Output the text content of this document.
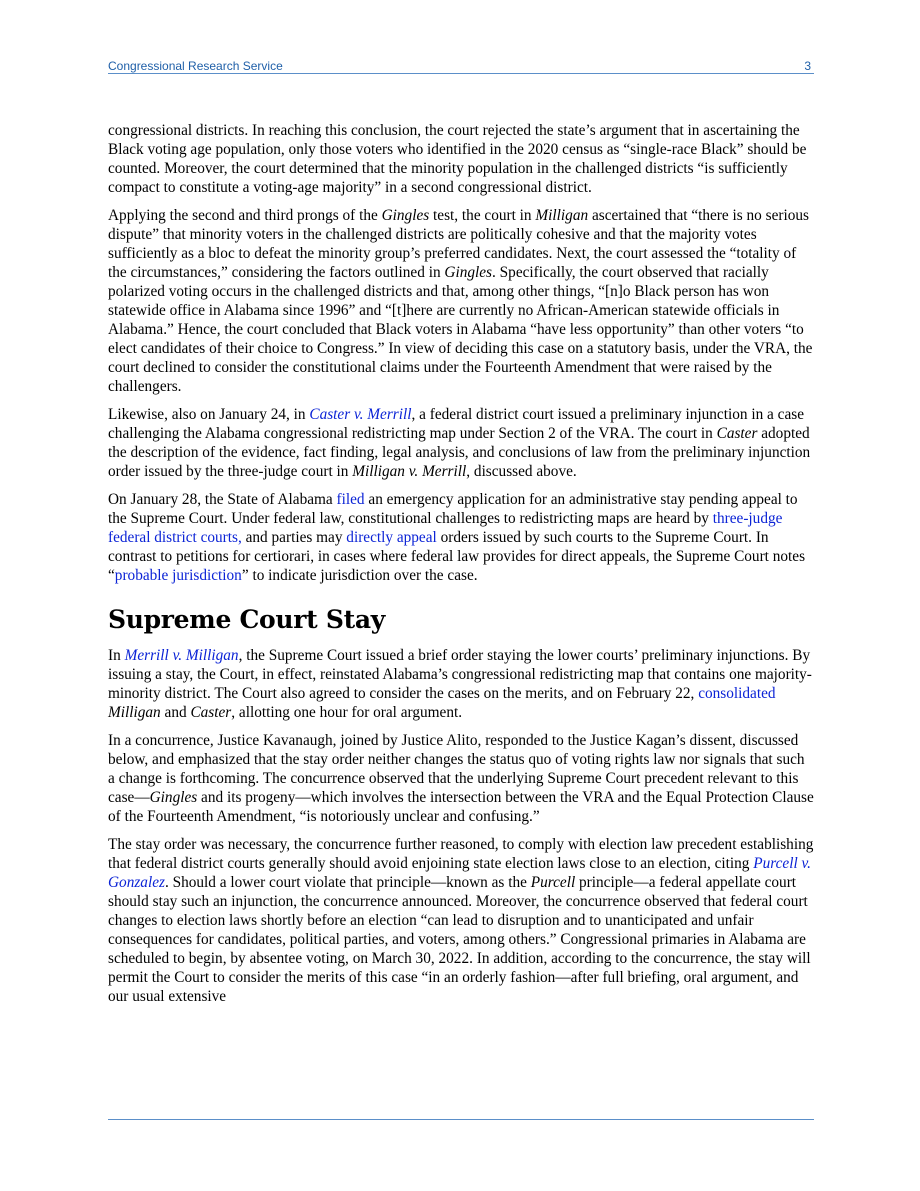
Congressional Research Service	3

congressional districts. In reaching this conclusion, the court rejected the state’s argument that in ascertaining the Black voting age population, only those voters who identified in the 2020 census as “single-race Black” should be counted. Moreover, the court determined that the minority population in the challenged districts “is sufficiently compact to constitute a voting-age majority” in a second congressional district.

Applying the second and third prongs of the Gingles test, the court in Milligan ascertained that “there is no serious dispute” that minority voters in the challenged districts are politically cohesive and that the majority votes sufficiently as a bloc to defeat the minority group’s preferred candidates. Next, the court assessed the “totality of the circumstances,” considering the factors outlined in Gingles. Specifically, the court observed that racially polarized voting occurs in the challenged districts and that, among other things, “[n]o Black person has won statewide office in Alabama since 1996” and “[t]here are currently no African-American statewide officials in Alabama.” Hence, the court concluded that Black voters in Alabama “have less opportunity” than other voters “to elect candidates of their choice to Congress.” In view of deciding this case on a statutory basis, under the VRA, the court declined to consider the constitutional claims under the Fourteenth Amendment that were raised by the challengers.

Likewise, also on January 24, in Caster v. Merrill, a federal district court issued a preliminary injunction in a case challenging the Alabama congressional redistricting map under Section 2 of the VRA. The court in Caster adopted the description of the evidence, fact finding, legal analysis, and conclusions of law from the preliminary injunction order issued by the three-judge court in Milligan v. Merrill, discussed above.

On January 28, the State of Alabama filed an emergency application for an administrative stay pending appeal to the Supreme Court. Under federal law, constitutional challenges to redistricting maps are heard by three-judge federal district courts, and parties may directly appeal orders issued by such courts to the Supreme Court. In contrast to petitions for certiorari, in cases where federal law provides for direct appeals, the Supreme Court notes “probable jurisdiction” to indicate jurisdiction over the case.

Supreme Court Stay

In Merrill v. Milligan, the Supreme Court issued a brief order staying the lower courts’ preliminary injunctions. By issuing a stay, the Court, in effect, reinstated Alabama’s congressional redistricting map that contains one majority-minority district. The Court also agreed to consider the cases on the merits, and on February 22, consolidated Milligan and Caster, allotting one hour for oral argument.

In a concurrence, Justice Kavanaugh, joined by Justice Alito, responded to the Justice Kagan’s dissent, discussed below, and emphasized that the stay order neither changes the status quo of voting rights law nor signals that such a change is forthcoming. The concurrence observed that the underlying Supreme Court precedent relevant to this case—Gingles and its progeny—which involves the intersection between the VRA and the Equal Protection Clause of the Fourteenth Amendment, “is notoriously unclear and confusing.”

The stay order was necessary, the concurrence further reasoned, to comply with election law precedent establishing that federal district courts generally should avoid enjoining state election laws close to an election, citing Purcell v. Gonzalez. Should a lower court violate that principle—known as the Purcell principle—a federal appellate court should stay such an injunction, the concurrence announced. Moreover, the concurrence observed that federal court changes to election laws shortly before an election “can lead to disruption and to unanticipated and unfair consequences for candidates, political parties, and voters, among others.” Congressional primaries in Alabama are scheduled to begin, by absentee voting, on March 30, 2022. In addition, according to the concurrence, the stay will permit the Court to consider the merits of this case “in an orderly fashion—after full briefing, oral argument, and our usual extensive
